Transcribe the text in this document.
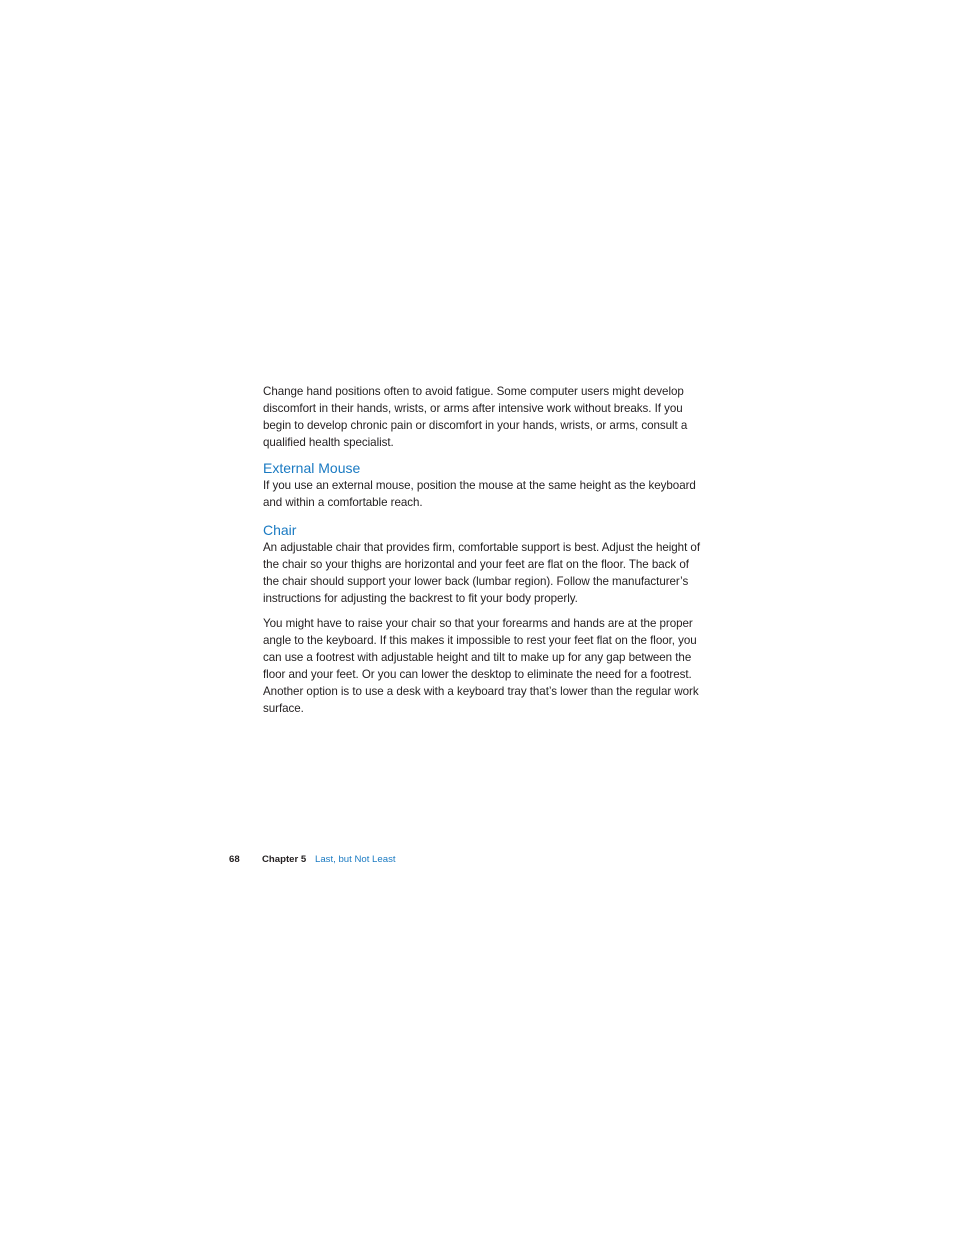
Change hand positions often to avoid fatigue. Some computer users might develop discomfort in their hands, wrists, or arms after intensive work without breaks. If you begin to develop chronic pain or discomfort in your hands, wrists, or arms, consult a qualified health specialist.

External Mouse

If you use an external mouse, position the mouse at the same height as the keyboard and within a comfortable reach.

Chair

An adjustable chair that provides firm, comfortable support is best. Adjust the height of the chair so your thighs are horizontal and your feet are flat on the floor. The back of the chair should support your lower back (lumbar region). Follow the manufacturer’s instructions for adjusting the backrest to fit your body properly.

You might have to raise your chair so that your forearms and hands are at the proper angle to the keyboard. If this makes it impossible to rest your feet flat on the floor, you can use a footrest with adjustable height and tilt to make up for any gap between the floor and your feet. Or you can lower the desktop to eliminate the need for a footrest. Another option is to use a desk with a keyboard tray that’s lower than the regular work surface.

68 Chapter 5 Last, but Not Least
